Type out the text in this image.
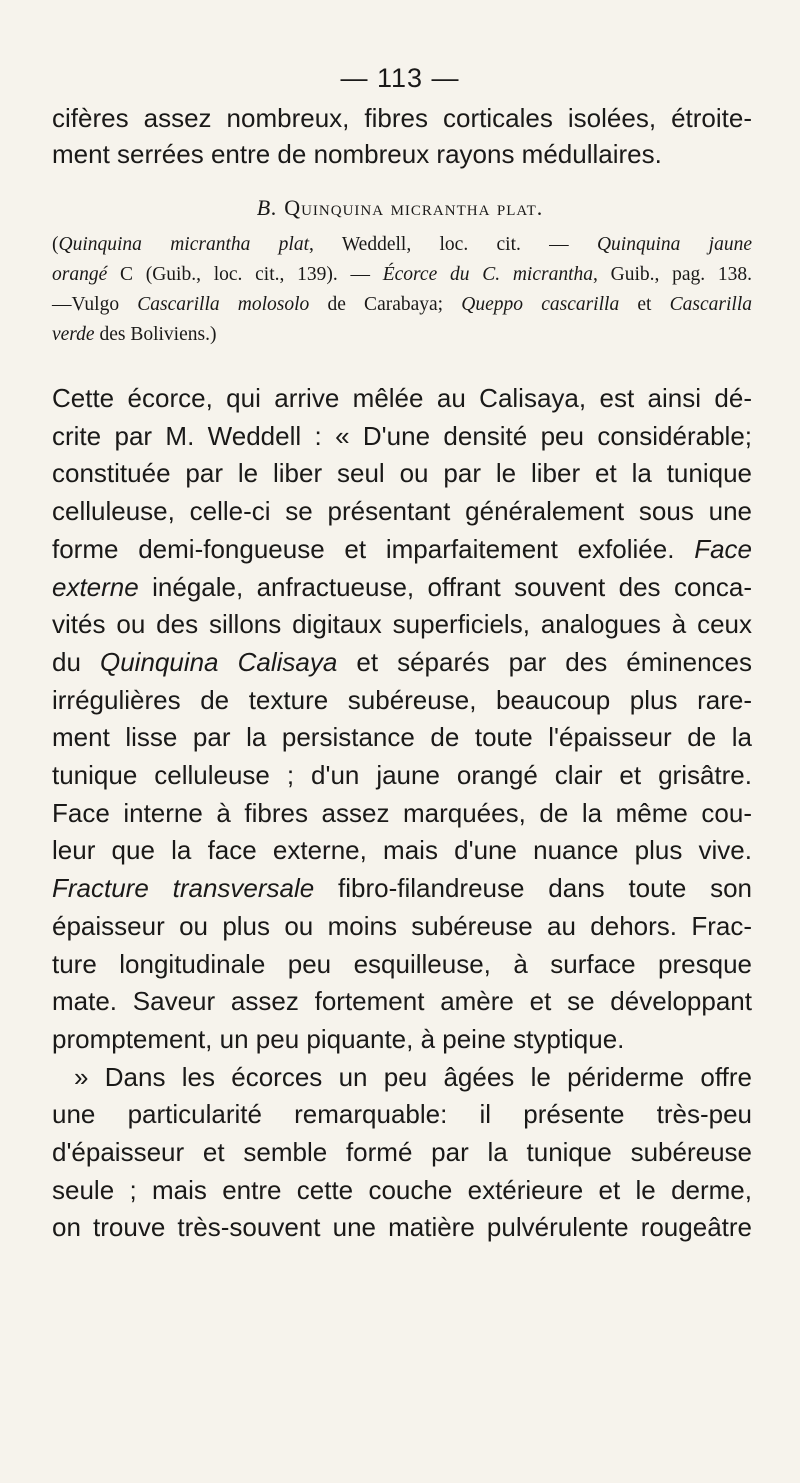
— 113 —

cifères assez nombreux, fibres corticales isolées, étroite-

ment serrées entre de nombreux rayons médullaires.

B. Quinquina micrantha plat.
(Quinquina micrantha plat, Weddell, loc. cit. — Quinquina jaune
orangé C (Guib., loc. cit., 139). — Écorce du C. micrantha, Guib., pag. 138.
—Vulgo Cascarilla molosolo de Carabaya; Queppo cascarilla et Cascarilla
verde des Boliviens.)
Cette écorce, qui arrive mêlée au Calisaya, est ainsi dé-
crite par M. Weddell : « D'une densité peu considérable;
constituée par le liber seul ou par le liber et la tunique
celluleuse, celle-ci se présentant généralement sous une
forme demi-fongueuse et imparfaitement exfoliée. Face
externe inégale, anfractueuse, offrant souvent des conca-
vités ou des sillons digitaux superficiels, analogues à ceux
du Quinquina Calisaya et séparés par des éminences
irrégulières de texture subéreuse, beaucoup plus rare-
ment lisse par la persistance de toute l'épaisseur de la
tunique celluleuse ; d'un jaune orangé clair et grisâtre.
Face interne à fibres assez marquées, de la même cou-
leur que la face externe, mais d'une nuance plus vive.
Fracture transversale fibro-filandreuse dans toute son
épaisseur ou plus ou moins subéreuse au dehors. Frac-
ture longitudinale peu esquilleuse, à surface presque
mate. Saveur assez fortement amère et se développant
promptement, un peu piquante, à peine styptique.
» Dans les écorces un peu âgées le périderme offre
une particularité remarquable: il présente très-peu
d'épaisseur et semble formé par la tunique subéreuse
seule ; mais entre cette couche extérieure et le derme,
on trouve très-souvent une matière pulvérulente rougeâtre
